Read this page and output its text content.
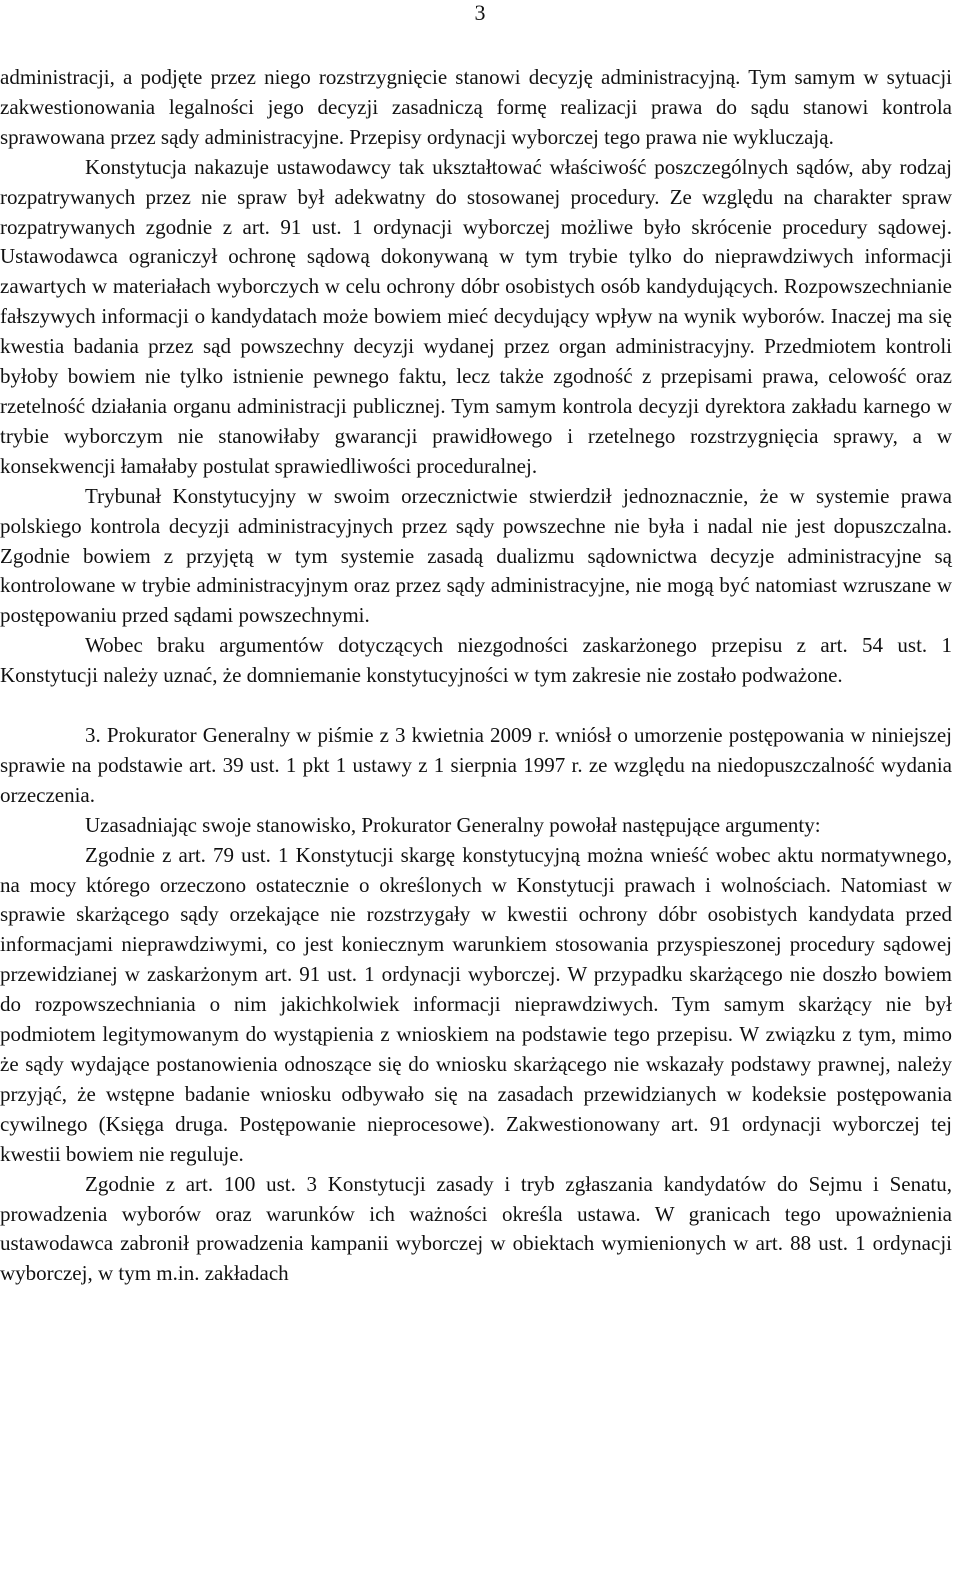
3

administracji, a podjęte przez niego rozstrzygnięcie stanowi decyzję administracyjną. Tym samym w sytuacji zakwestionowania legalności jego decyzji zasadniczą formę realizacji prawa do sądu stanowi kontrola sprawowana przez sądy administracyjne. Przepisy ordynacji wyborczej tego prawa nie wykluczają.

Konstytucja nakazuje ustawodawcy tak ukształtować właściwość poszczególnych sądów, aby rodzaj rozpatrywanych przez nie spraw był adekwatny do stosowanej procedury. Ze względu na charakter spraw rozpatrywanych zgodnie z art. 91 ust. 1 ordynacji wyborczej możliwe było skrócenie procedury sądowej. Ustawodawca ograniczył ochronę sądową dokonywaną w tym trybie tylko do nieprawdziwych informacji zawartych w materiałach wyborczych w celu ochrony dóbr osobistych osób kandydujących. Rozpowszechnianie fałszywych informacji o kandydatach może bowiem mieć decydujący wpływ na wynik wyborów. Inaczej ma się kwestia badania przez sąd powszechny decyzji wydanej przez organ administracyjny. Przedmiotem kontroli byłoby bowiem nie tylko istnienie pewnego faktu, lecz także zgodność z przepisami prawa, celowość oraz rzetelność działania organu administracji publicznej. Tym samym kontrola decyzji dyrektora zakładu karnego w trybie wyborczym nie stanowiłaby gwarancji prawidłowego i rzetelnego rozstrzygnięcia sprawy, a w konsekwencji łamałaby postulat sprawiedliwości proceduralnej.

Trybunał Konstytucyjny w swoim orzecznictwie stwierdził jednoznacznie, że w systemie prawa polskiego kontrola decyzji administracyjnych przez sądy powszechne nie była i nadal nie jest dopuszczalna. Zgodnie bowiem z przyjętą w tym systemie zasadą dualizmu sądownictwa decyzje administracyjne są kontrolowane w trybie administracyjnym oraz przez sądy administracyjne, nie mogą być natomiast wzruszane w postępowaniu przed sądami powszechnymi.

Wobec braku argumentów dotyczących niezgodności zaskarżonego przepisu z art. 54 ust. 1 Konstytucji należy uznać, że domniemanie konstytucyjności w tym zakresie nie zostało podważone.

3. Prokurator Generalny w piśmie z 3 kwietnia 2009 r. wniósł o umorzenie postępowania w niniejszej sprawie na podstawie art. 39 ust. 1 pkt 1 ustawy z 1 sierpnia 1997 r. ze względu na niedopuszczalność wydania orzeczenia.

Uzasadniając swoje stanowisko, Prokurator Generalny powołał następujące argumenty:

Zgodnie z art. 79 ust. 1 Konstytucji skargę konstytucyjną można wnieść wobec aktu normatywnego, na mocy którego orzeczono ostatecznie o określonych w Konstytucji prawach i wolnościach. Natomiast w sprawie skarżącego sądy orzekające nie rozstrzygały w kwestii ochrony dóbr osobistych kandydata przed informacjami nieprawdziwymi, co jest koniecznym warunkiem stosowania przyspieszonej procedury sądowej przewidzianej w zaskarżonym art. 91 ust. 1 ordynacji wyborczej. W przypadku skarżącego nie doszło bowiem do rozpowszechniania o nim jakichkolwiek informacji nieprawdziwych. Tym samym skarżący nie był podmiotem legitymowanym do wystąpienia z wnioskiem na podstawie tego przepisu. W związku z tym, mimo że sądy wydające postanowienia odnoszące się do wniosku skarżącego nie wskazały podstawy prawnej, należy przyjąć, że wstępne badanie wniosku odbywało się na zasadach przewidzianych w kodeksie postępowania cywilnego (Księga druga. Postępowanie nieprocesowe). Zakwestionowany art. 91 ordynacji wyborczej tej kwestii bowiem nie reguluje.

Zgodnie z art. 100 ust. 3 Konstytucji zasady i tryb zgłaszania kandydatów do Sejmu i Senatu, prowadzenia wyborów oraz warunków ich ważności określa ustawa. W granicach tego upoważnienia ustawodawca zabronił prowadzenia kampanii wyborczej w obiektach wymienionych w art. 88 ust. 1 ordynacji wyborczej, w tym m.in. zakładach
